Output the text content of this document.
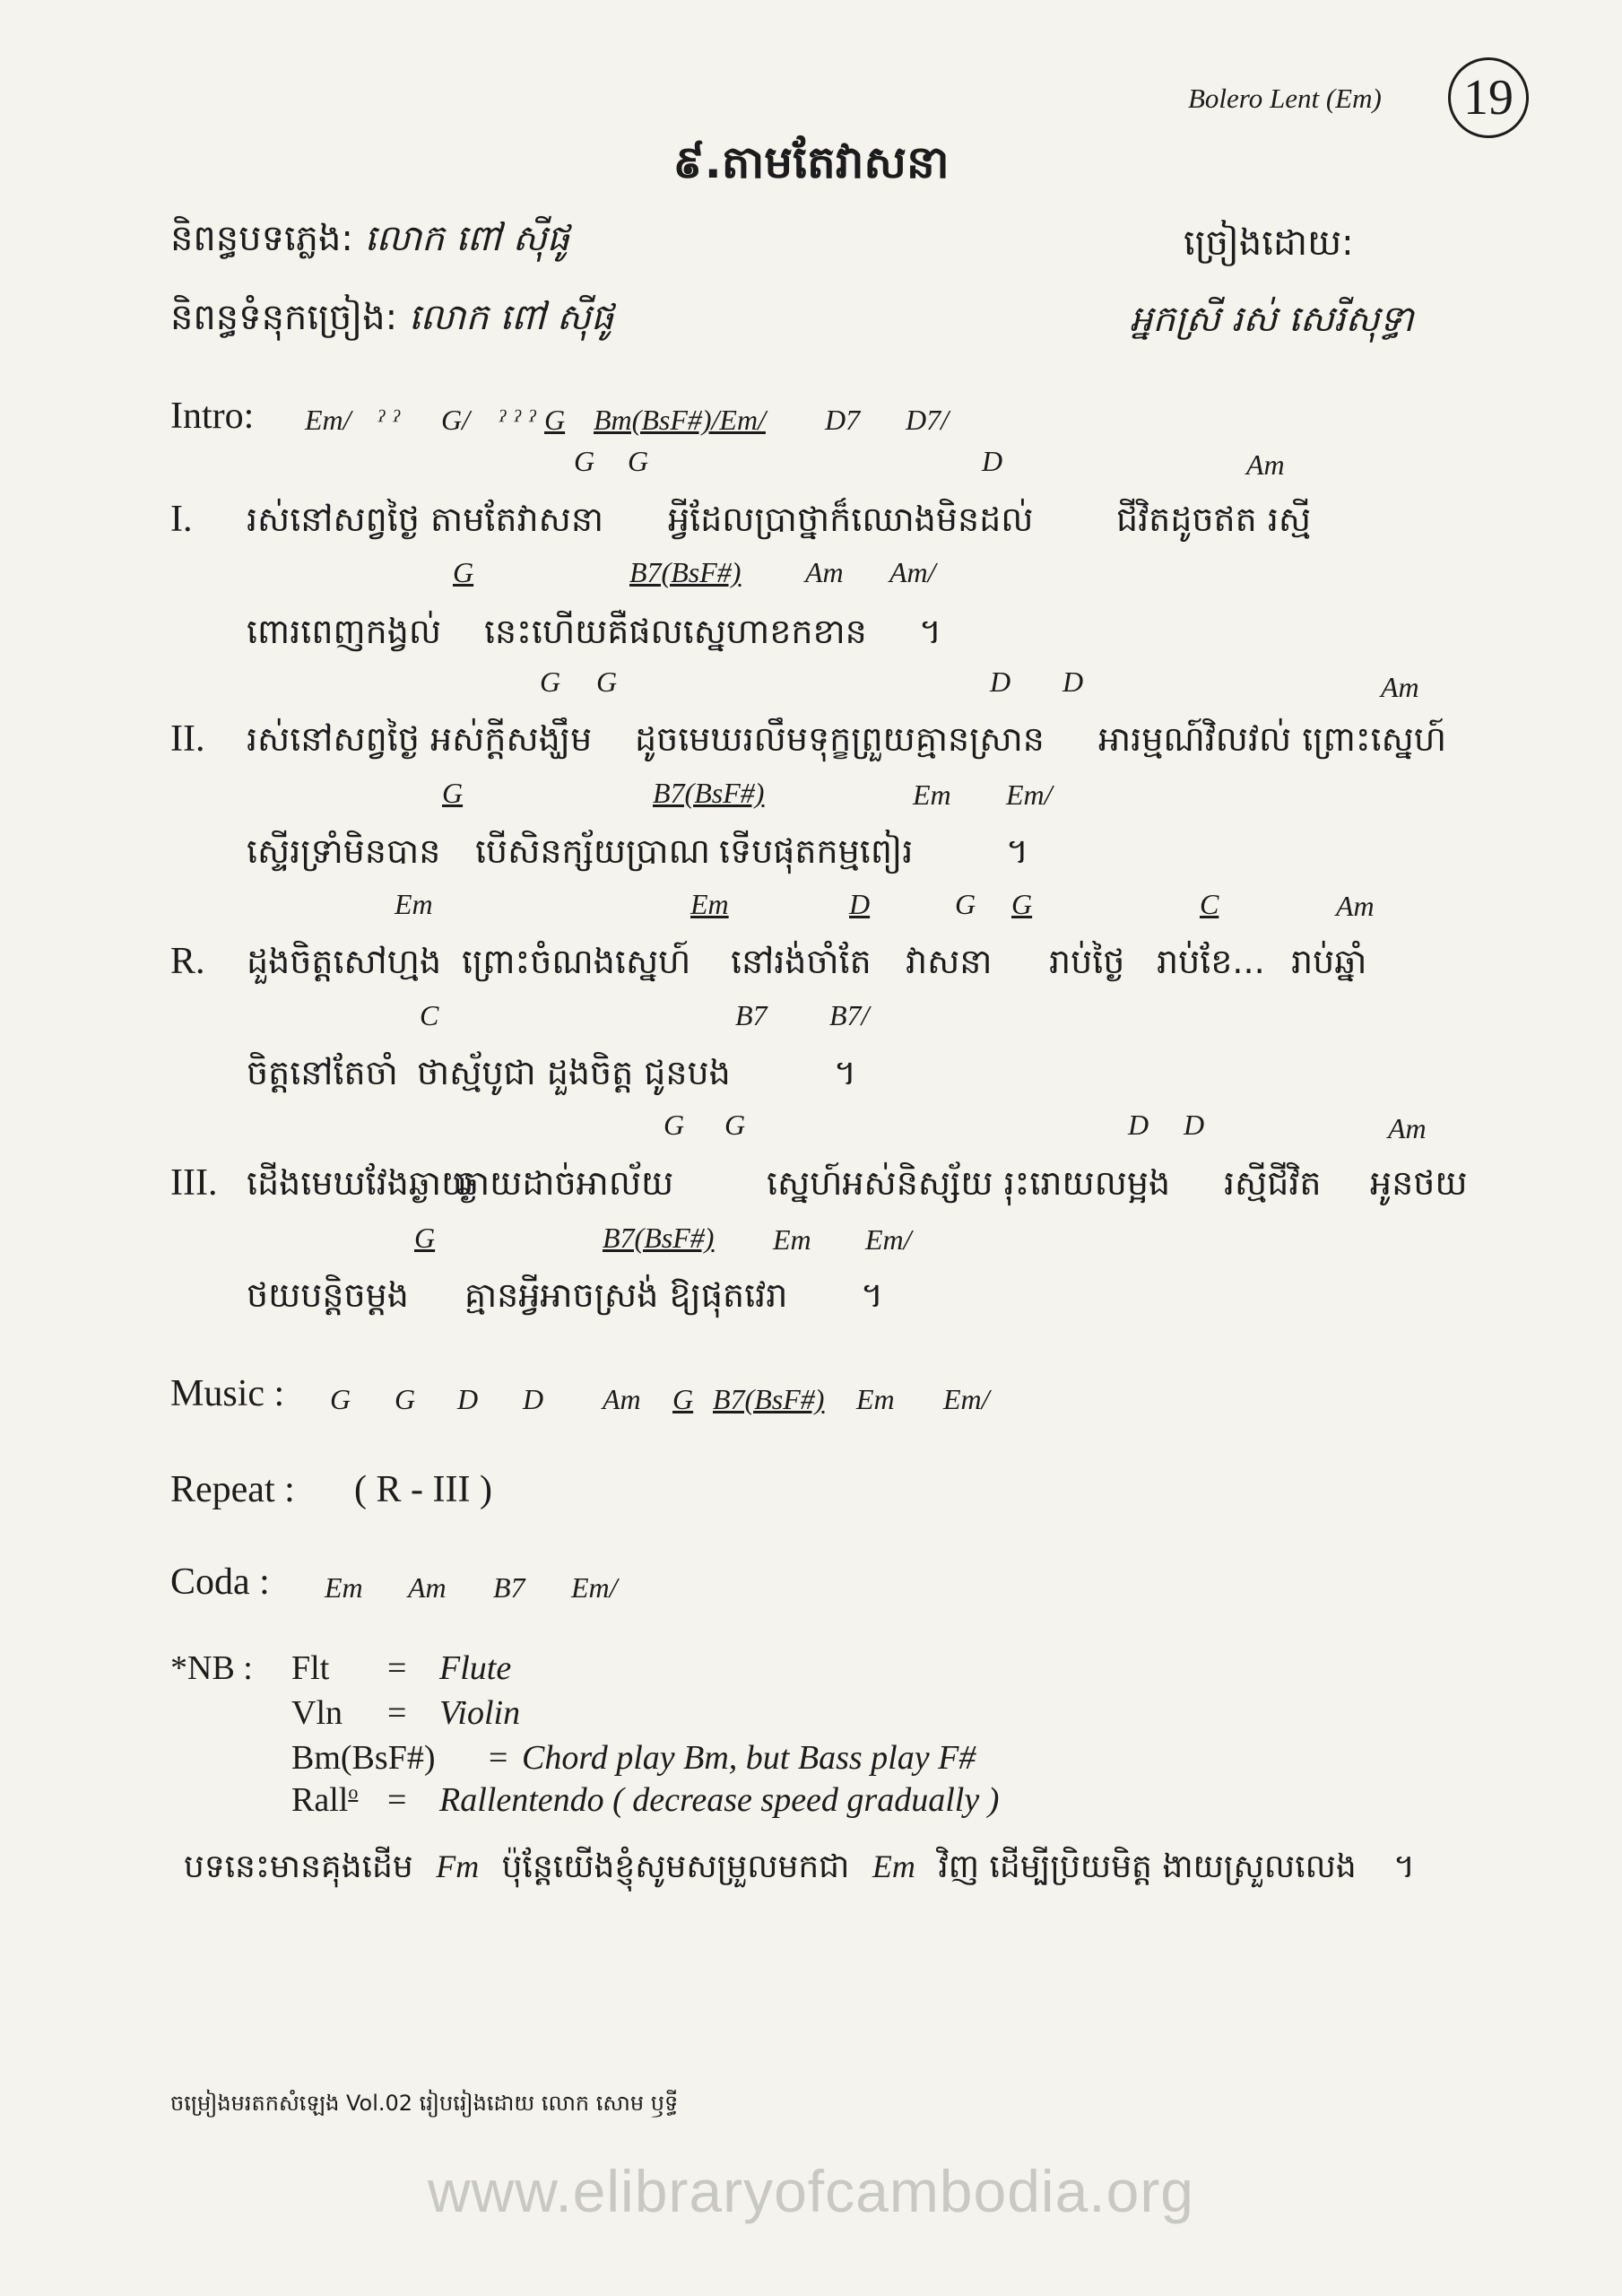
Bolero Lent (Em)	19
៩.តាមតែវាសនា
និពន្ធបទភ្លេង: លោក ពៅ ស៊ីផូ
និពន្ធទំនុកច្រៀង: លោក ពៅ ស៊ីផូ
ច្រៀងដោយ:
អ្នកស្រី រស់ សេរីសុទ្ធា
Intro: Em/ ˀ ˀ G/ ˀ ˀ ˀ G Bm(BsF#)/Em/ D7 D7/
G G	D	Am
I. រស់នៅសព្វថ្ងៃ តាមតែវាសនា អ្វីដែលប្រាថ្នាក៏ឈោងមិនដល់ ជីវិតដូចឥត រស្មី
G	B7(BsF#) Am Am/
ពោរពេញកង្វល់ នេះហើយគឺផលស្នេហាខកខាន ។
G G	D D	Am
II. រស់នៅសព្វថ្ងៃ អស់ក្ដីសង្ឃឹម ដូចមេឃរលឹមទុក្ខព្រួយគ្មានស្រាន អារម្មណ៍វិលវល់ ព្រោះស្នេហ៍
G	B7(BsF#)	Em Em/
ស្ទើរទ្រាំមិនបាន បើសិនក្ស័យប្រាណ ទើបផុតកម្មពៀរ	។
Em	Em	D	G G	C	Am
R. ដួងចិត្តសៅហ្មង ព្រោះចំណងស្នេហ៍ នៅរង់ចាំតែ វាសនា រាប់ថ្ងៃ រាប់ខែ... រាប់ឆ្នាំ
C	B7 B7/
ចិត្តនៅតែចាំ ថាស្ម័បូជា ដួងចិត្ត ជូនបង	។
G G	D D	Am
III. ដើងមេឃវែងឆ្ងាយ
ឆ្ងាយដាច់អាល័យ	ស្នេហ៍អស់និស្ស័យ រុះរោយលម្អង រស្មីជីវិត អូនថយ
G	B7(BsF#) Em Em/
ថយបន្តិចម្ដង គ្មានអ្វីអាចស្រង់ ឱ្យផុតវេរា ។
Music : G G D D Am G B7(BsF#) Em Em/
Repeat : ( R - III )
Coda : Em Am B7 Em/
*NB : Flt = Flute
Vln = Violin
Bm(BsF#) = Chord play Bm, but Bass play F#
Rall$^o$ = Rallentendo ( decrease speed gradually )
បទនេះមានគុងដើម Fm ប៉ុន្តែយើងខ្ញុំសូមសម្រួលមកជា Em វិញ ដើម្បីប្រិយមិត្ត ងាយស្រួលលេង ។
ចម្រៀងមរតកសំឡេង Vol.02 រៀបរៀងដោយ លោក សោម ឫទ្ធី
www.elibraryofcambodia.org
